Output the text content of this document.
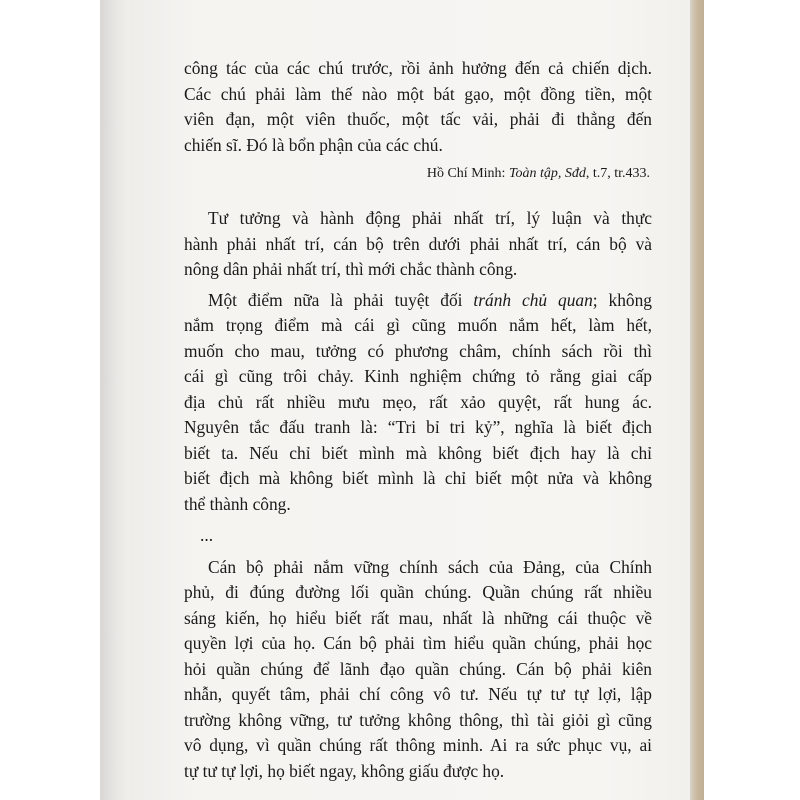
công tác của các chú trước, rồi ảnh hưởng đến cả chiến dịch.
Các chú phải làm thế nào một bát gạo, một đồng tiền, một
viên đạn, một viên thuốc, một tấc vải, phải đi thẳng đến
chiến sĩ. Đó là bổn phận của các chú.

Hồ Chí Minh: Toàn tập, Sđd, t.7, tr.433.

Tư tưởng và hành động phải nhất trí, lý luận và thực
hành phải nhất trí, cán bộ trên dưới phải nhất trí, cán bộ và
nông dân phải nhất trí, thì mới chắc thành công.

Một điểm nữa là phải tuyệt đối tránh chủ quan; không
nắm trọng điểm mà cái gì cũng muốn nắm hết, làm hết,
muốn cho mau, tưởng có phương châm, chính sách rồi thì
cái gì cũng trôi chảy. Kinh nghiệm chứng tỏ rằng giai cấp
địa chủ rất nhiều mưu mẹo, rất xảo quyệt, rất hung ác.
Nguyên tắc đấu tranh là: “Tri bỉ tri kỷ”, nghĩa là biết địch
biết ta. Nếu chỉ biết mình mà không biết địch hay là chỉ
biết địch mà không biết mình là chỉ biết một nửa và không
thể thành công.

...

Cán bộ phải nắm vững chính sách của Đảng, của Chính
phủ, đi đúng đường lối quần chúng. Quần chúng rất nhiều
sáng kiến, họ hiểu biết rất mau, nhất là những cái thuộc về
quyền lợi của họ. Cán bộ phải tìm hiểu quần chúng, phải học
hỏi quần chúng để lãnh đạo quần chúng. Cán bộ phải kiên
nhẫn, quyết tâm, phải chí công vô tư. Nếu tự tư tự lợi, lập
trường không vững, tư tưởng không thông, thì tài giỏi gì cũng
vô dụng, vì quần chúng rất thông minh. Ai ra sức phục vụ, ai
tự tư tự lợi, họ biết ngay, không giấu được họ.
